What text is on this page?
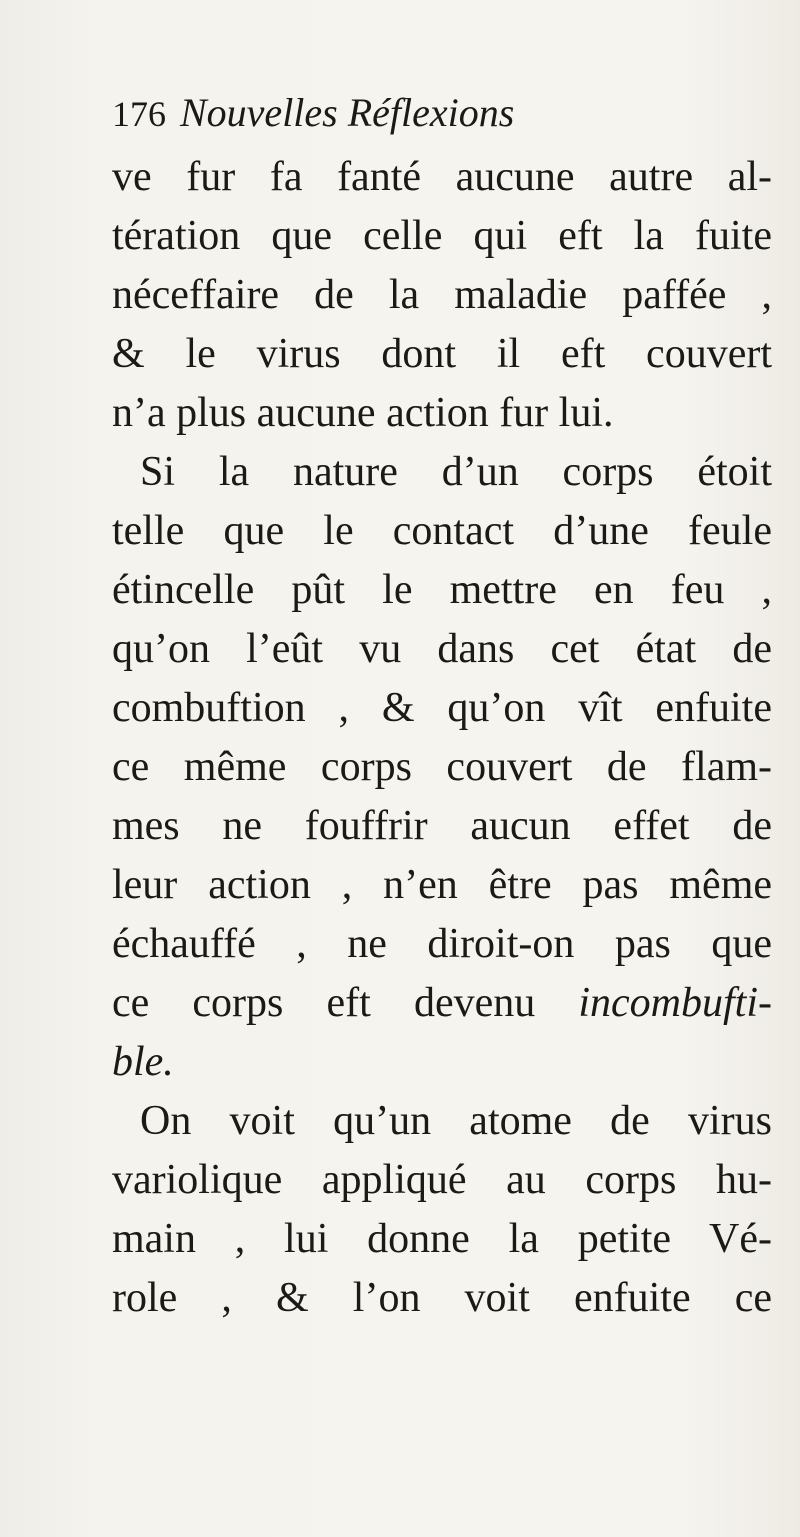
176 Nouvelles Réflexions
ve fur fa fanté aucune autre al-
tération que celle qui eft la fuite
néceffaire de la maladie paffée ,
& le virus dont il eft couvert
n’a plus aucune action fur lui.
Si la nature d’un corps étoit
telle que le contact d’une feule
étincelle pût le mettre en feu ,
qu’on l’eût vu dans cet état de
combuftion , & qu’on vît enfuite
ce même corps couvert de flam-
mes ne fouffrir aucun effet de
leur action , n’en être pas même
échauffé , ne diroit-on pas que
ce corps eft devenu incombufti-
ble.
On voit qu’un atome de virus
variolique appliqué au corps hu-
main , lui donne la petite Vé-
role , & l’on voit enfuite ce
